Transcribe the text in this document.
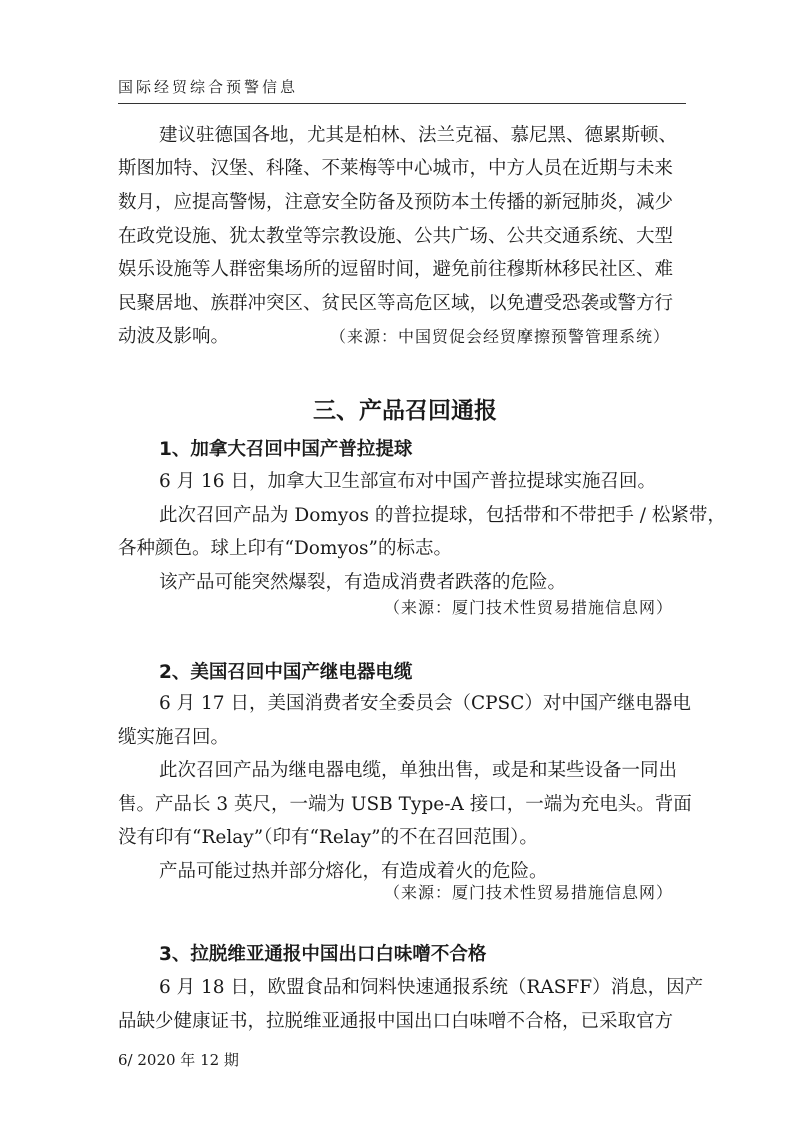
国际经贸综合预警信息
建议驻德国各地，尤其是柏林、法兰克福、慕尼黑、德累斯顿、
斯图加特、汉堡、科隆、不莱梅等中心城市，中方人员在近期与未来
数月，应提高警惕，注意安全防备及预防本土传播的新冠肺炎，减少
在政党设施、犹太教堂等宗教设施、公共广场、公共交通系统、大型
娱乐设施等人群密集场所的逗留时间，避免前往穆斯林移民社区、难
民聚居地、族群冲突区、贫民区等高危区域，以免遭受恐袭或警方行
动波及影响。	（来源：中国贸促会经贸摩擦预警管理系统）
三、产品召回通报
1、加拿大召回中国产普拉提球
6 月 16 日，加拿大卫生部宣布对中国产普拉提球实施召回。
此次召回产品为 Domyos 的普拉提球，包括带和不带把手 / 松紧带，
各种颜色。球上印有“Domyos”的标志。
该产品可能突然爆裂，有造成消费者跌落的危险。
（来源：厦门技术性贸易措施信息网）
2、美国召回中国产继电器电缆
6 月 17 日，美国消费者安全委员会（CPSC）对中国产继电器电
缆实施召回。
此次召回产品为继电器电缆，单独出售，或是和某些设备一同出
售。产品长 3 英尺，一端为 USB Type-A 接口，一端为充电头。背面
没有印有“Relay”（印有“Relay”的不在召回范围）。
产品可能过热并部分熔化，有造成着火的危险。
（来源：厦门技术性贸易措施信息网）
3、拉脱维亚通报中国出口白味噌不合格
6 月 18 日，欧盟食品和饲料快速通报系统（RASFF）消息，因产
品缺少健康证书，拉脱维亚通报中国出口白味噌不合格，已采取官方
6/ 2020 年 12 期
